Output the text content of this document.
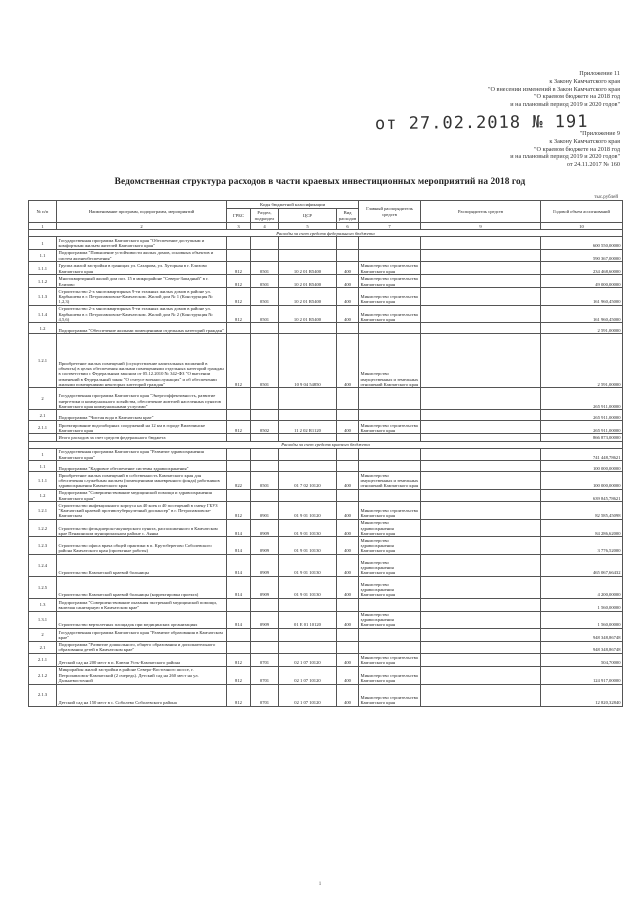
Приложение 11
к Закону Камчатского края
"О внесении изменений в Закон Камчатского края
"О краевом бюджете на 2018 год
и на плановый период 2019 и 2020 годов"
от 27.02.2018 № 191
"Приложение 9
к Закону Камчатского края
"О краевом бюджете на 2018 год
и на плановый период 2019 и 2020 годов"
от 24.11.2017 № 160
Ведомственная структура расходов в части краевых инвестиционных мероприятий на 2018 год
тыс.рублей
№ п/п	Наименование программ, подпрограмм, мероприятий	Коды бюджетной классификации				Главный распорядитель средств	Распорядитель средств	Годовой объем ассигнований
		ГРБС	Раздел, подраздел	ЦСР	Вид расходов			
1	2	3	4	5	6	7	9	10
Расходы за счет средств федерального бюджета								
1	Государственная программа Камчатского края "Обеспечение доступным и комфортным жильем жителей Камчатского края"							600 550,00000
1.1	Подпрограмма "Повышение устойчивости жилых домов, основных объектов и систем жизнеобеспечения"							590 367,00000
1.1.1	Группа жилой застройки в границах ул. Сахарова, ул. Хуторная в г. Елизово Камчатского края	812	0501	10 2 01 R5400	400	Министерство строительства Камчатского края		234 468,60000
1.1.2	Многоквартирный жилой дом поз. 15 в микрорайоне "Северо-Западный" в г. Елизово	812	0501	10 2 01 R5400	400	Министерство строительства Камчатского края		49 000,00000
1.1.3	Строительство 2-х многоквартирных 9-ти этажных жилых домов в районе ул. Карбышева в г. Петропавловске-Камчатском. Жилой дом № 1 (Конструкция № 1,2,3)	812	0501	10 2 01 R5400	400	Министерство строительства Камчатского края		161 960,45000
1.1.4	Строительство 2-х многоквартирных 9-ти этажных жилых домов в районе ул. Карбышева в г. Петропавловске-Камчатском. Жилой дом № 2 (Конструкция № 4,5,6)	812	0501	10 2 01 R5400	400	Министерство строительства Камчатского края		161 960,45000
1.2	Подпрограмма "Обеспечение жилыми помещениями отдельных категорий граждан"							2 591,00000
1.2.1	Приобретение жилых помещений (осуществление капитальных вложений в объекты) в целях обеспечения жилыми помещениями отдельных категорий граждан в соответствии с Федеральным законом от 05.12.2010 № 342-ФЗ "О внесении изменений в Федеральный закон "О статусе военнослужащих" и об обеспечении жилыми помещениями некоторых категорий граждан"	812	0501	10 9 04 54850	400	Министерство имущественных и земельных отношений Камчатского края		2 591,00000
2	Государственная программа Камчатского края "Энергоэффективность, развитие энергетики и коммунального хозяйства, обеспечение жителей населенных пунктов Камчатского края коммунальными услугами"							265 911,00000
2.1	Подпрограмма "Чистая вода в Камчатском крае"							265 911,00000
2.1.1	Проектирование водозаборных сооружений на 12 км в городе Вилючинске Камчатского края	812	0502	11 2 02 R1120	400	Министерство строительства Камчатского края		265 911,00000
	Итого расходов за счет средств федерального бюджета							866 873,00000
Расходы за счет средств краевого бюджета								
1	Государственная программа Камчатского края "Развитие здравоохранения Камчатского края"							741 448,78621
1.1	Подпрограмма "Кадровое обеспечение системы здравоохранения"							100 000,00000
1.1.1	Приобретение жилых помещений в собственность Камчатского края для обеспечения служебным жильем (помещениями маневренного фонда) работников здравоохранения Камчатского края	822	0501	01 7 02 10120	400	Министерство имущественных и земельных отношений Камчатского края		100 000,00000
1.2	Подпрограмма "Совершенствование медицинской помощи и здравоохранения Камчатского края"							639 845,78621
1.2.1	Строительство инфекционного корпуса на 40 коек и 40 посещений в смену ГБУЗ "Камчатский краевой противотуберкулезный диспансер" в г. Петропавловске-Камчатском	812	0901	01 9 01 10120	400	Министерство строительства Камчатского края		82 585,45098
1.2.2	Строительство фельдшерско-акушерского пункта, расположенного в Камчатском крае Пенжинском муниципальном районе с. Аянка	814	0909	01 9 01 10130	400	Министерство здравоохранения Камчатского края		84 286,62000
1.2.3	Строительство офиса врача общей практики в п. Крутоберегово Соболевского района Камчатского края (проектные работы)	814	0909	01 9 01 10130	400	Министерство здравоохранения Камчатского края		3 776,52000
1.2.4	Строительство Камчатской краевой больницы	814	0909	01 9 01 10130	400	Министерство здравоохранения Камчатского края		465 067,66432
1.2.5	Строительство Камчатской краевой больницы (корректировка проекта)	814	0909	01 9 01 10130	400	Министерство здравоохранения Камчатского края		4 200,00000
1.3	Подпрограмма "Совершенствование оказания экстренной медицинской помощи, включая санитарную в Камчатском крае"							1 560,00000
1.3.1	Строительство вертолетных площадок при медицинских организациях	814	0909	01 E 01 10120	400	Министерство здравоохранения Камчатского края		1 560,00000
2	Государственная программа Камчатского края "Развитие образования в Камчатском крае"							948 348,86748
2.1	Подпрограмма "Развитие дошкольного, общего образования и дополнительного образования детей в Камчатском крае"							948 348,86748
2.1.1	Детский сад на 200 мест в п. Ключи Усть-Камчатского района	812	0701	02 1 07 10120	400	Министерство строительства Камчатского края		504,70000
2.1.2	Микрорайон жилой застройки в районе Северо-Восточного шоссе, г. Петропавловск-Камчатский (2 очередь). Детский сад на 260 мест на ул. Дальневосточной	812	0701	02 1 07 10120	400	Министерство строительства Камчатского края		124 917,00000
2.1.3	Детский сад на 150 мест в с. Соболево Соболевского района	812	0701	02 1 07 10120	400	Министерство строительства Камчатского края		12 820,32840
1
